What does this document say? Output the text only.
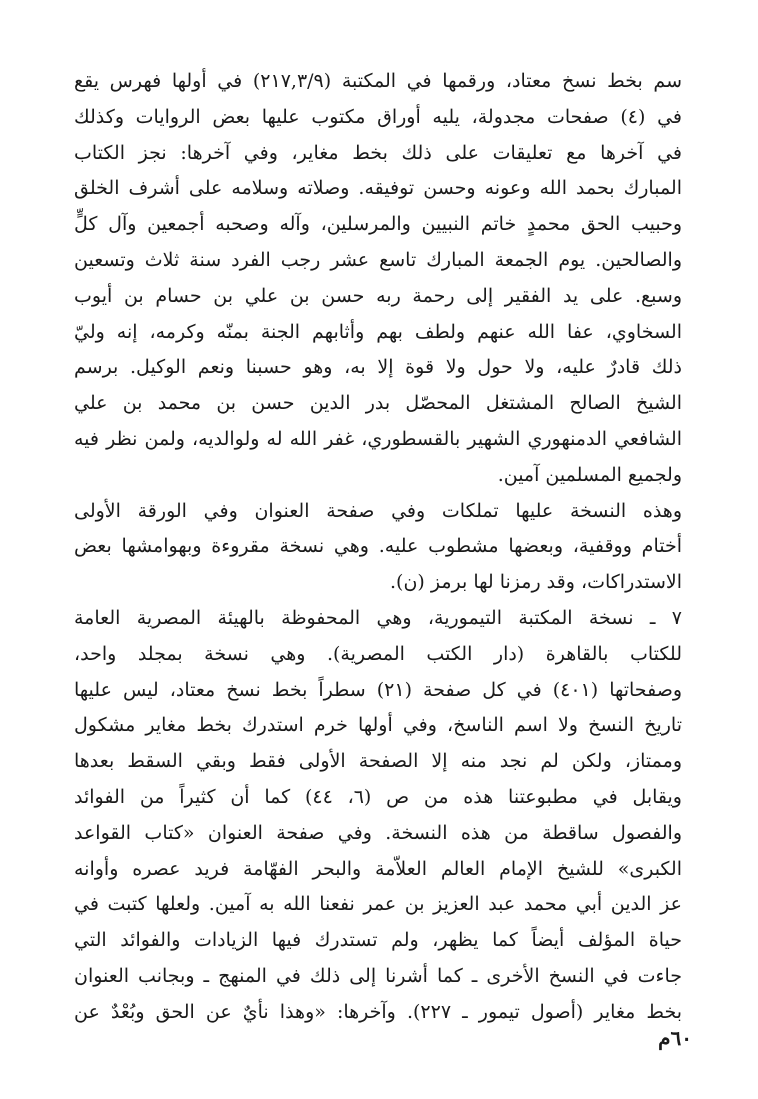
سم بخط نسخ معتاد، ورقمها في المكتبة (٢١٧,٣/٩) في أولها فهرس يقع
في (٤) صفحات مجدولة، يليه أوراق مكتوب عليها بعض الروايات وكذلك
في آخرها مع تعليقات على ذلك بخط مغاير، وفي آخرها: نجز الكتاب
المبارك بحمد الله وعونه وحسن توفيقه. وصلاته وسلامه على أشرف الخلق
وحبيب الحق محمدٍ خاتم النبيين والمرسلين، وآله وصحبه أجمعين وآل كلٍّ
والصالحين. يوم الجمعة المبارك تاسع عشر رجب الفرد سنة ثلاث وتسعين
وسبع. على يد الفقير إلى رحمة ربه حسن بن علي بن حسام بن أيوب
السخاوي، عفا الله عنهم ولطف بهم وأثابهم الجنة بمنّه وكرمه، إنه وليّ
ذلك قادرٌ عليه، ولا حول ولا قوة إلا به، وهو حسبنا ونعم الوكيل. برسم
الشيخ الصالح المشتغل المحصّل بدر الدين حسن بن محمد بن علي
الشافعي الدمنهوري الشهير بالقسطوري، غفر الله له ولوالديه، ولمن نظر فيه
ولجميع المسلمين آمين.
وهذه النسخة عليها تملكات وفي صفحة العنوان وفي الورقة الأولى
أختام ووقفية، وبعضها مشطوب عليه. وهي نسخة مقروءة وبهوامشها بعض
الاستدراكات، وقد رمزنا لها برمز (ن).
٧ ـ نسخة المكتبة التيمورية، وهي المحفوظة بالهيئة المصرية العامة
للكتاب بالقاهرة (دار الكتب المصرية). وهي نسخة بمجلد واحد،
وصفحاتها (٤٠١) في كل صفحة (٢١) سطراً بخط نسخ معتاد، ليس عليها
تاريخ النسخ ولا اسم الناسخ، وفي أولها خرم استدرك بخط مغاير مشكول
وممتاز، ولكن لم نجد منه إلا الصفحة الأولى فقط وبقي السقط بعدها
ويقابل في مطبوعتنا هذه من ص (٦، ٤٤) كما أن كثيراً من الفوائد
والفصول ساقطة من هذه النسخة. وفي صفحة العنوان «كتاب القواعد
الكبرى» للشيخ الإمام العالم العلاّمة والبحر الفهّامة فريد عصره وأوانه
عز الدين أبي محمد عبد العزيز بن عمر نفعنا الله به آمين. ولعلها كتبت في
حياة المؤلف أيضاً كما يظهر، ولم تستدرك فيها الزيادات والفوائد التي
جاءت في النسخ الأخرى ـ كما أشرنا إلى ذلك في المنهج ـ وبجانب العنوان
بخط مغاير (أصول تيمور ـ ٢٢٧). وآخرها: «وهذا نأيٌ عن الحق وبُعْدٌ عن
٦٠م
